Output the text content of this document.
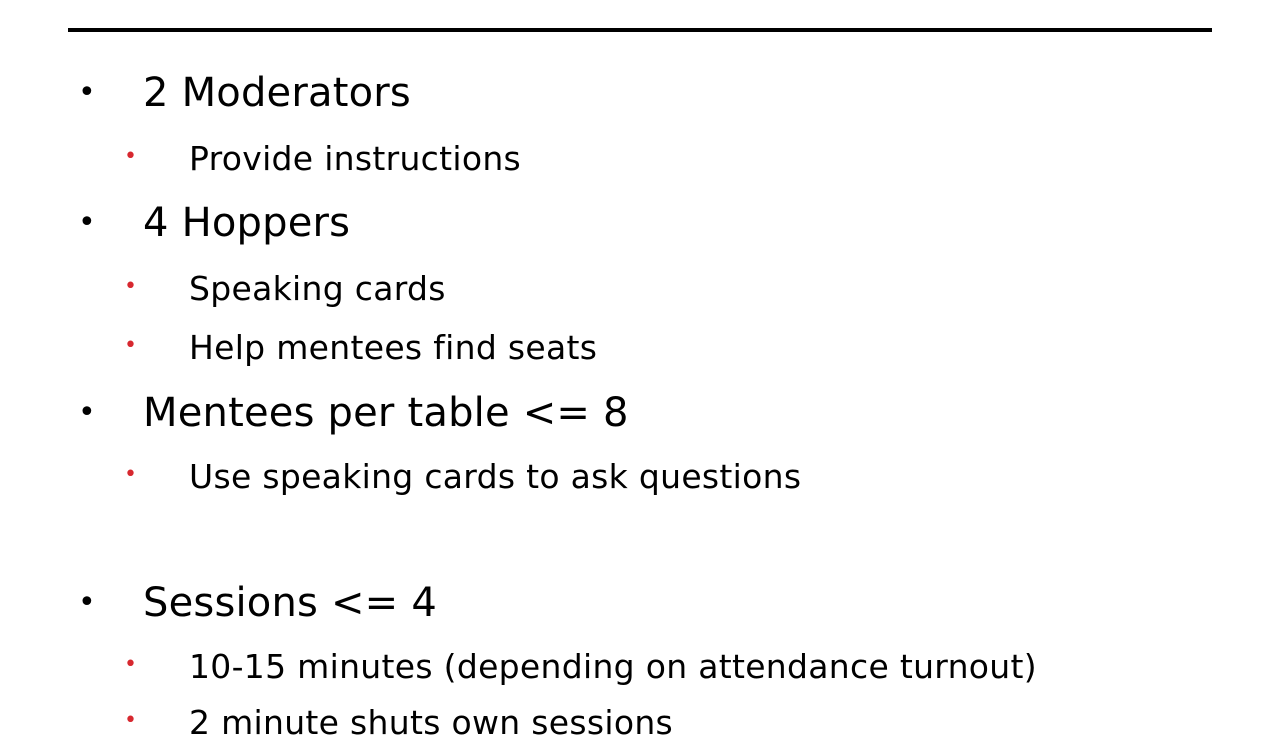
• 2 Moderators
• Provide instructions
• 4 Hoppers
• Speaking cards
• Help mentees find seats
• Mentees per table <= 8
• Use speaking cards to ask questions
• Sessions <= 4
• 10-15 minutes (depending on attendance turnout)
• 2 minute shuts own sessions
